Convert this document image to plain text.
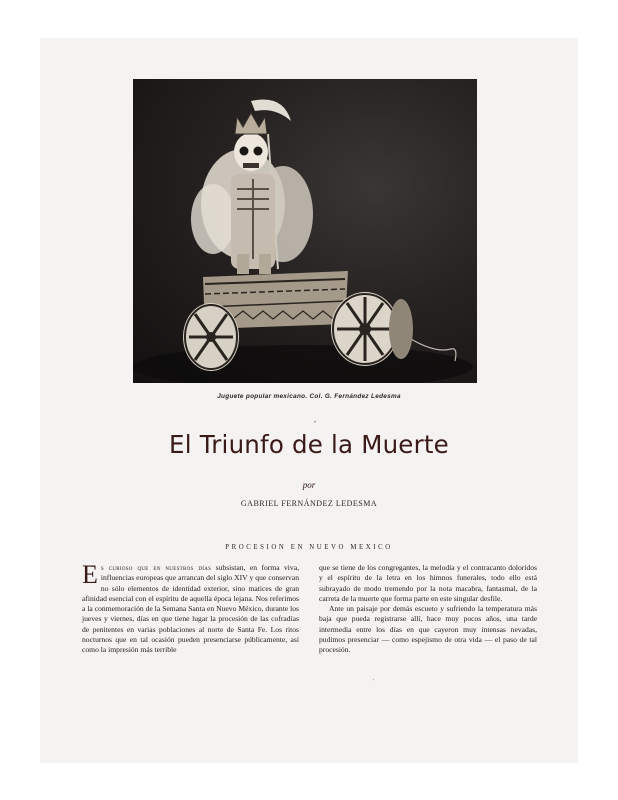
Juguete popular mexicano. Col. G. Fernández Ledesma
•
El Triunfo de la Muerte
por
GABRIEL FERNÁNDEZ LEDESMA
PROCESION EN NUEVO MEXICO

Es curioso que en nuestros días subsistan, en forma viva, influencias europeas que arrancan del siglo XIV y que conservan no sólo elementos de identidad exterior, sino matices de gran afinidad esencial con el espíritu de aquella época lejana. Nos referimos a la conmemoración de la Semana Santa en Nuevo México, durante los jueves y viernes, días en que tiene lugar la procesión de las cofradías de penitentes en varias poblaciones al norte de Santa Fe. Los ritos nocturnos que en tal ocasión pueden presenciarse públicamente, así como la impresión más terrible

que se tiene de los congregantes, la melodía y el contracanto doloridos y el espíritu de la letra en los himnos funerales, todo ello está subrayado de modo tremendo por la nota macabra, fantasmal, de la carreta de la muerte que forma parte en este singular desfile.

Ante un paisaje por demás escueto y sufriendo la temperatura más baja que pueda registrarse allí, hace muy pocos años, una tarde intermedia entre los días en que cayeron muy intensas nevadas, pudimos presenciar — como espejismo de otra vida — el paso de tal procesión.

'
